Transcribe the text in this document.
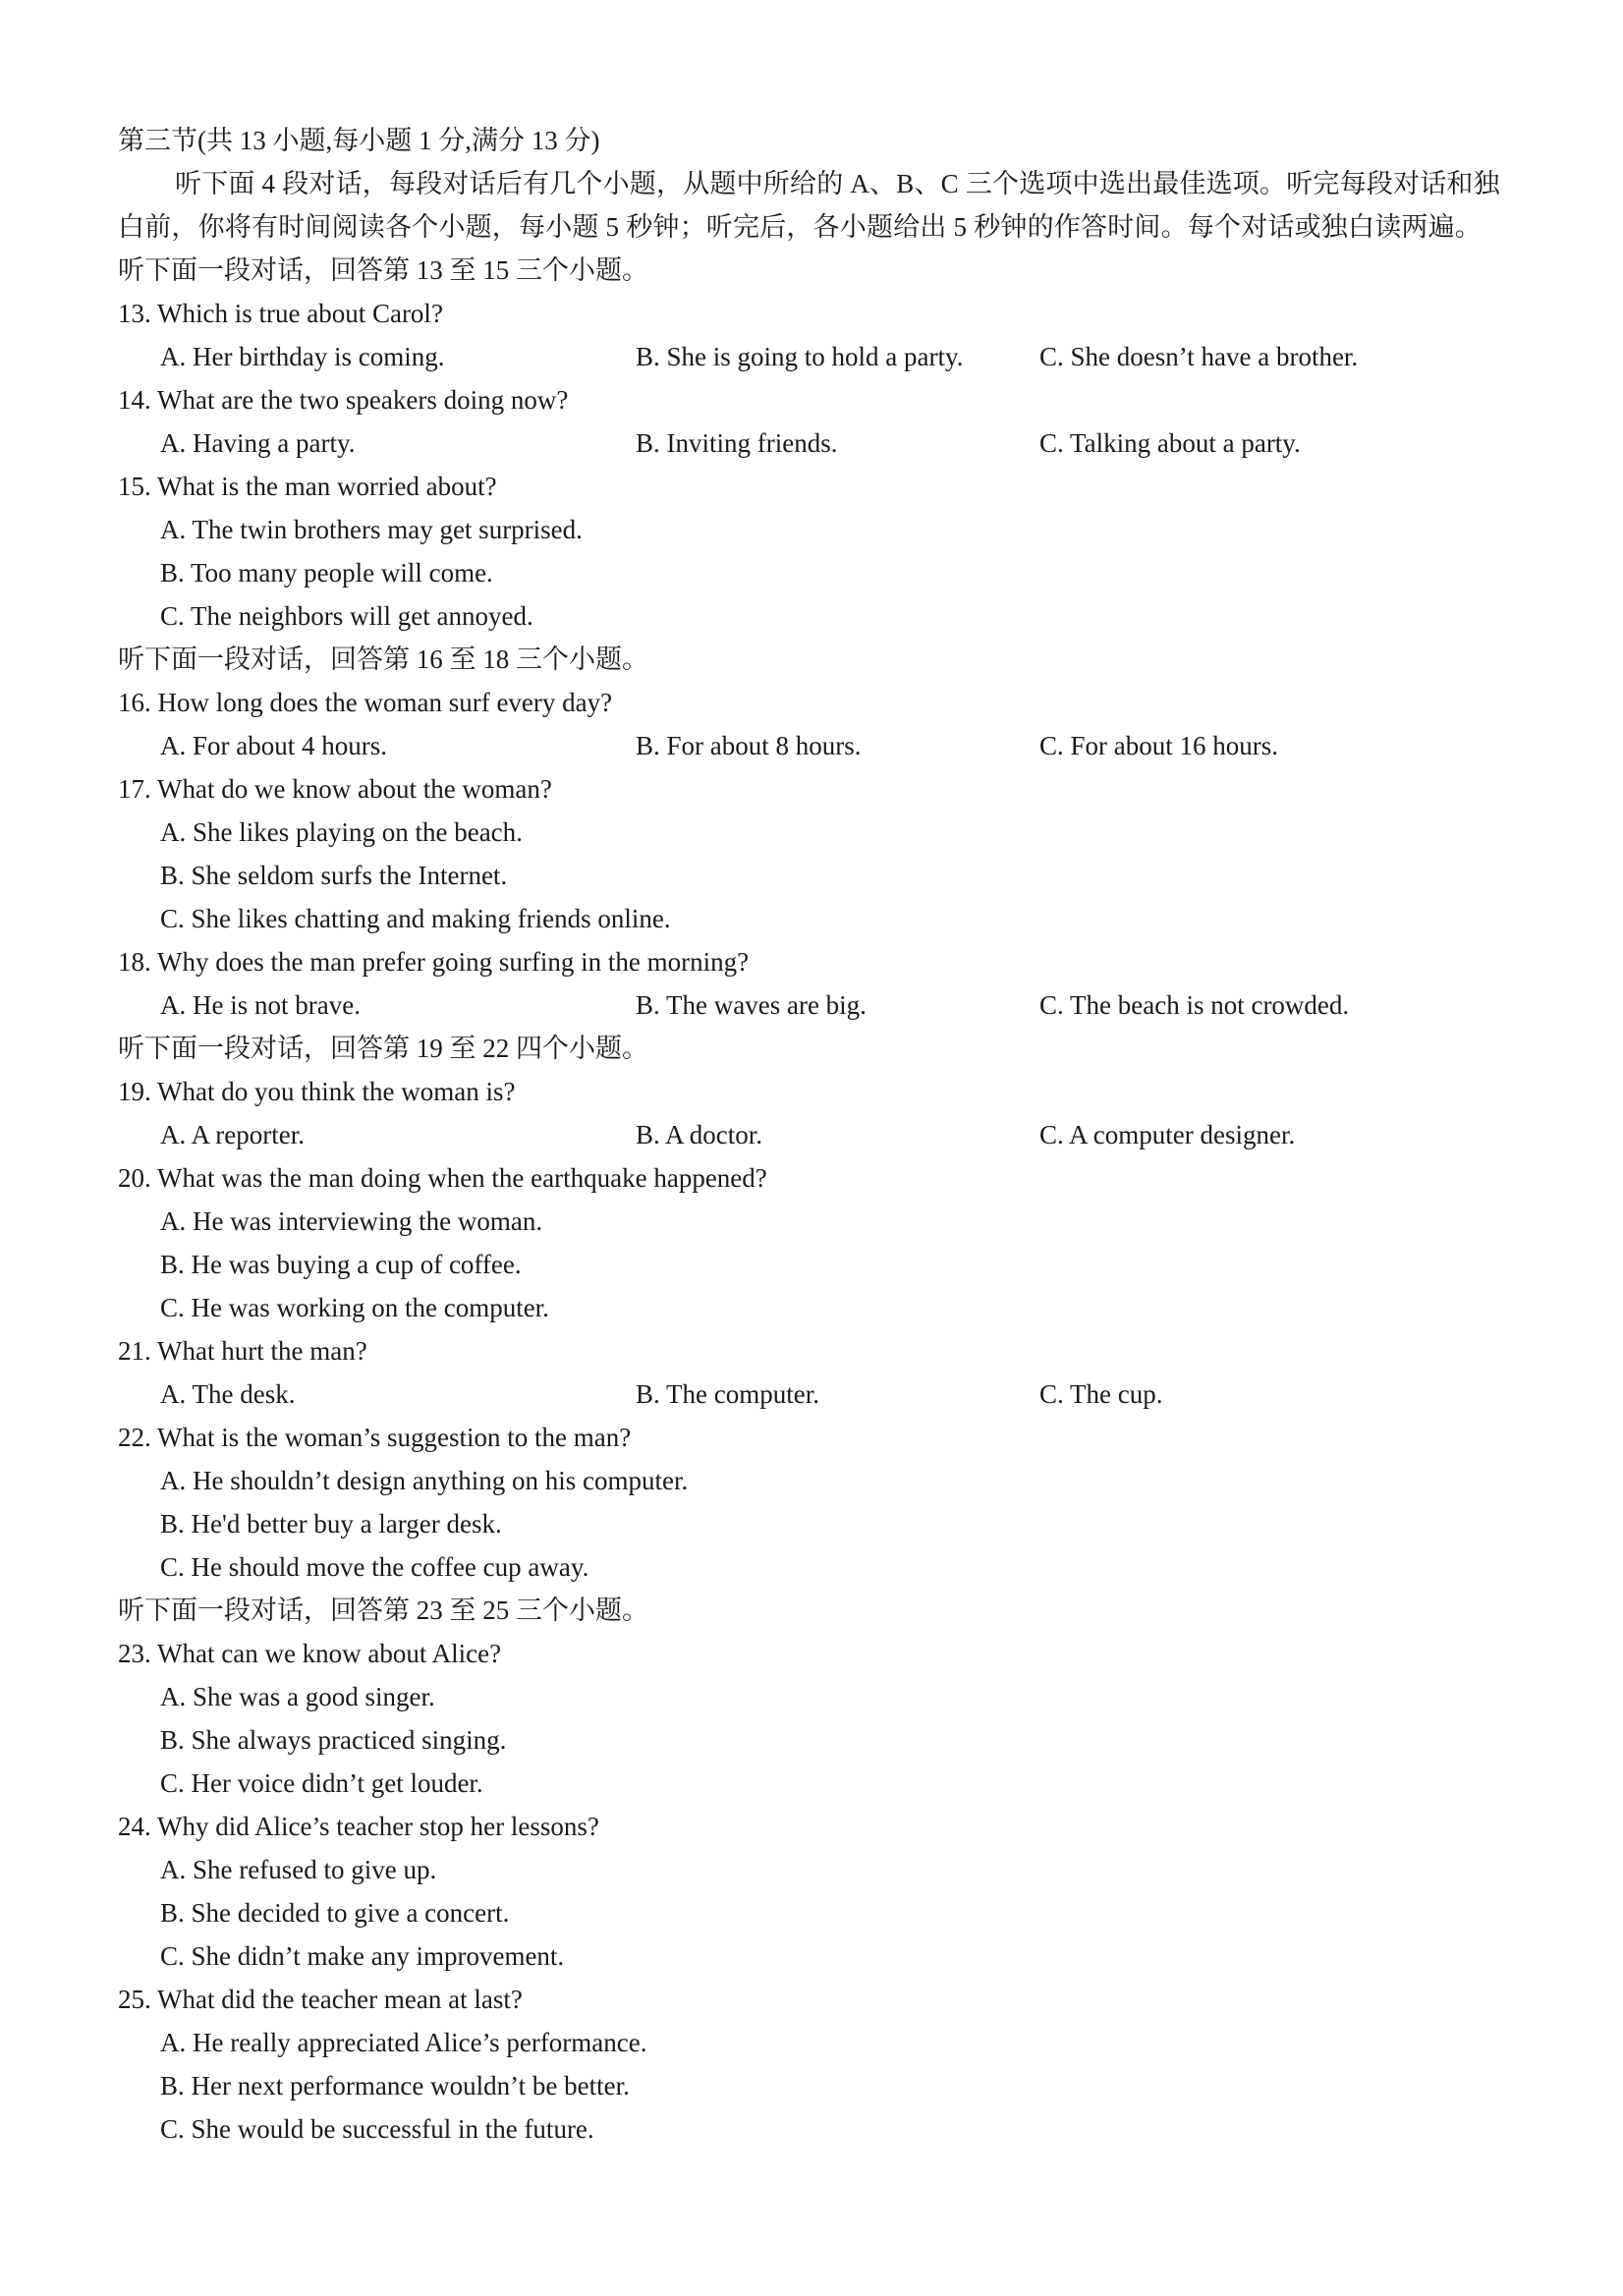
第三节(共 13 小题,每小题 1 分,满分 13 分)
听下面 4 段对话，每段对话后有几个小题，从题中所给的 A、B、C 三个选项中选出最佳选项。听完每段对话和独白前，你将有时间阅读各个小题，每小题 5 秒钟；听完后，各小题给出 5 秒钟的作答时间。每个对话或独白读两遍。
听下面一段对话，回答第 13 至 15 三个小题。
13. Which is true about Carol?
A. Her birthday is coming.	B. She is going to hold a party.	C. She doesn’t have a brother.
14. What are the two speakers doing now?
A. Having a party.	B. Inviting friends.	C. Talking about a party.
15. What is the man worried about?
A. The twin brothers may get surprised.
B. Too many people will come.
C. The neighbors will get annoyed.
听下面一段对话，回答第 16 至 18 三个小题。
16. How long does the woman surf every day?
A. For about 4 hours.	B. For about 8 hours.	C. For about 16 hours.
17. What do we know about the woman?
A. She likes playing on the beach.
B. She seldom surfs the Internet.
C. She likes chatting and making friends online.
18. Why does the man prefer going surfing in the morning?
A. He is not brave.	B. The waves are big.	C. The beach is not crowded.
听下面一段对话，回答第 19 至 22 四个小题。
19. What do you think the woman is?
A. A reporter.	B. A doctor.	C. A computer designer.
20. What was the man doing when the earthquake happened?
A. He was interviewing the woman.
B. He was buying a cup of coffee.
C. He was working on the computer.
21. What hurt the man?
A. The desk.	B. The computer.	C. The cup.
22. What is the woman’s suggestion to the man?
A. He shouldn’t design anything on his computer.
B. He'd better buy a larger desk.
C. He should move the coffee cup away.
听下面一段对话，回答第 23 至 25 三个小题。
23. What can we know about Alice?
A. She was a good singer.
B. She always practiced singing.
C. Her voice didn’t get louder.
24. Why did Alice’s teacher stop her lessons?
A. She refused to give up.
B. She decided to give a concert.
C. She didn’t make any improvement.
25. What did the teacher mean at last?
A. He really appreciated Alice’s performance.
B. Her next performance wouldn’t be better.
C. She would be successful in the future.
